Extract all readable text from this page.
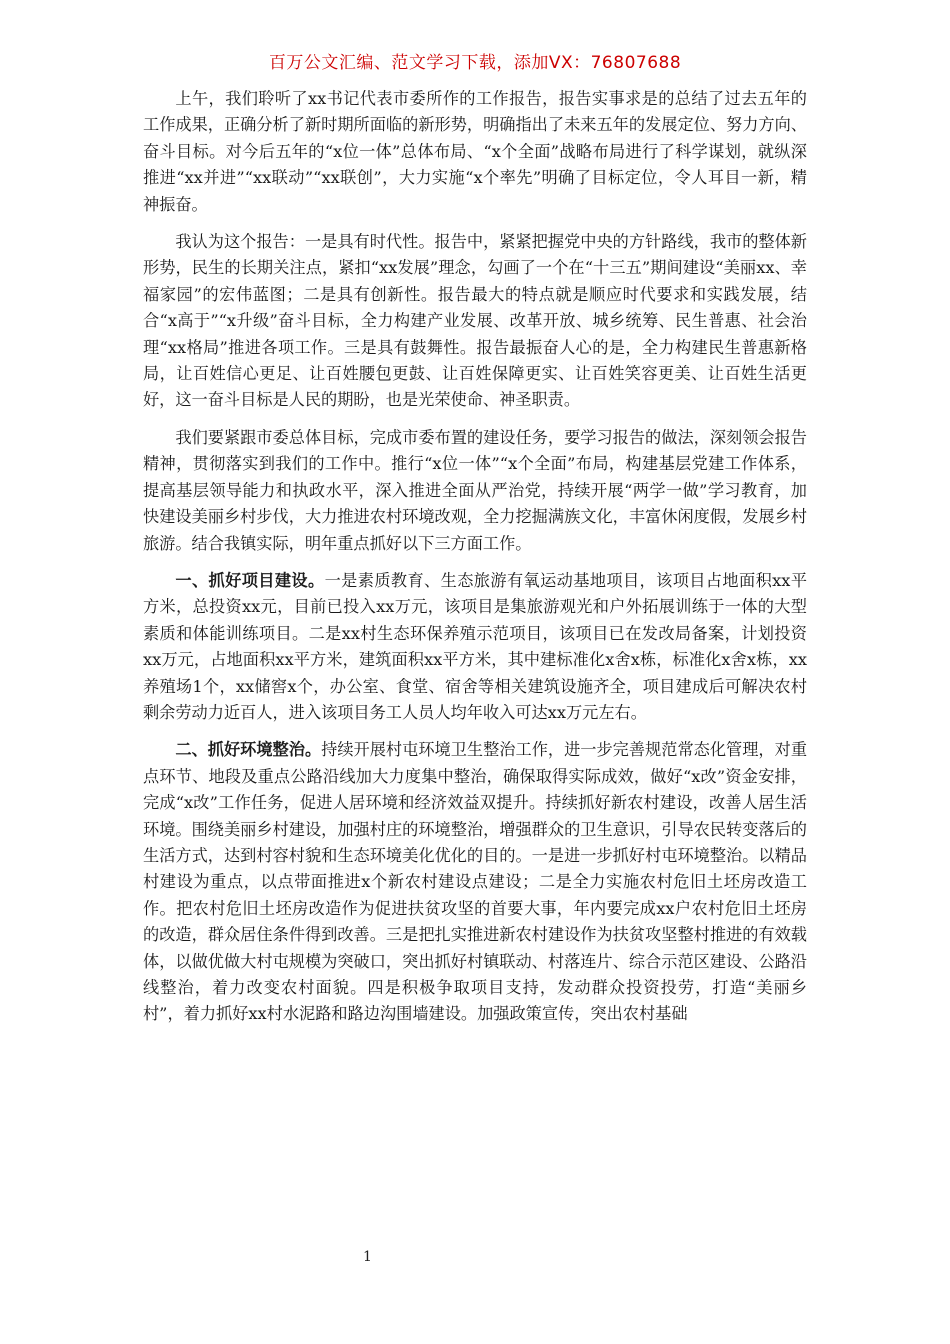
百万公文汇编、范文学习下载，添加VX：76807688

上午，我们聆听了xx书记代表市委所作的工作报告，报告实事求是的总结了过去五年的工作成果，正确分析了新时期所面临的新形势，明确指出了未来五年的发展定位、努力方向、奋斗目标。对今后五年的“x位一体”总体布局、“x个全面”战略布局进行了科学谋划，就纵深推进“xx并进”“xx联动”“xx联创”，大力实施“x个率先”明确了目标定位，令人耳目一新，精神振奋。

我认为这个报告：一是具有时代性。报告中，紧紧把握党中央的方针路线，我市的整体新形势，民生的长期关注点，紧扣“xx发展”理念，勾画了一个在“十三五”期间建设“美丽xx、幸福家园”的宏伟蓝图；二是具有创新性。报告最大的特点就是顺应时代要求和实践发展，结合“x高于”“x升级”奋斗目标，全力构建产业发展、改革开放、城乡统筹、民生普惠、社会治理“xx格局”推进各项工作。三是具有鼓舞性。报告最振奋人心的是，全力构建民生普惠新格局，让百姓信心更足、让百姓腰包更鼓、让百姓保障更实、让百姓笑容更美、让百姓生活更好，这一奋斗目标是人民的期盼，也是光荣使命、神圣职责。

我们要紧跟市委总体目标，完成市委布置的建设任务，要学习报告的做法，深刻领会报告精神，贯彻落实到我们的工作中。推行“x位一体”“x个全面”布局，构建基层党建工作体系，提高基层领导能力和执政水平，深入推进全面从严治党，持续开展“两学一做”学习教育，加快建设美丽乡村步伐，大力推进农村环境改观，全力挖掘满族文化，丰富休闲度假，发展乡村旅游。结合我镇实际，明年重点抓好以下三方面工作。

一、抓好项目建设。一是素质教育、生态旅游有氧运动基地项目，该项目占地面积xx平方米，总投资xx元，目前已投入xx万元，该项目是集旅游观光和户外拓展训练于一体的大型素质和体能训练项目。二是xx村生态环保养殖示范项目，该项目已在发改局备案，计划投资xx万元，占地面积xx平方米，建筑面积xx平方米，其中建标准化x舍x栋，标准化x舍x栋，xx养殖场1个，xx储窖x个，办公室、食堂、宿舍等相关建筑设施齐全，项目建成后可解决农村剩余劳动力近百人，进入该项目务工人员人均年收入可达xx万元左右。

二、抓好环境整治。持续开展村屯环境卫生整治工作，进一步完善规范常态化管理，对重点环节、地段及重点公路沿线加大力度集中整治，确保取得实际成效，做好“x改”资金安排，完成“x改”工作任务，促进人居环境和经济效益双提升。持续抓好新农村建设，改善人居生活环境。围绕美丽乡村建设，加强村庄的环境整治，增强群众的卫生意识，引导农民转变落后的生活方式，达到村容村貌和生态环境美化优化的目的。一是进一步抓好村屯环境整治。以精品村建设为重点，以点带面推进x个新农村建设点建设；二是全力实施农村危旧土坯房改造工作。把农村危旧土坯房改造作为促进扶贫攻坚的首要大事，年内要完成xx户农村危旧土坯房的改造，群众居住条件得到改善。三是把扎实推进新农村建设作为扶贫攻坚整村推进的有效载体，以做优做大村屯规模为突破口，突出抓好村镇联动、村落连片、综合示范区建设、公路沿线整治，着力改变农村面貌。四是积极争取项目支持，发动群众投资投劳，打造“美丽乡村”，着力抓好xx村水泥路和路边沟围墙建设。加强政策宣传，突出农村基础

1
